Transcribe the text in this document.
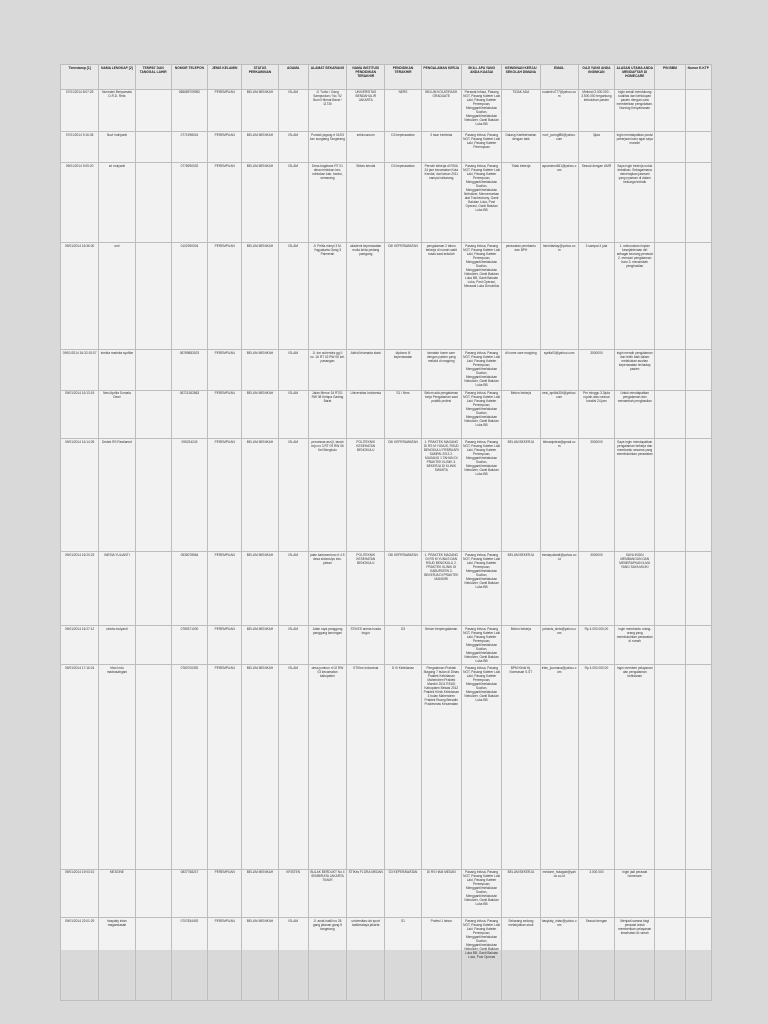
Timestamp [1]	NAMA LENGKAP [2]	TEMPAT DAN TANGGAL LAHIR	NOMOR TELEPON	JENIS KELAMIN	STATUS PERKAWINAN	AGAMA	ALAMAT SEKARANG	NAMA INSTITUSI PENDIDIKAN TERAKHIR	PENDIDIKAN TERAKHIR	PENGALAMAN KERJA	SKILL APA YANG ANDA KUASAI	KEINGINAN KERJA/ SEKOLAH DIMANA	EMAIL	GAJI YANG ANDA INGINKAN	ALASAN UTAMA ANDA MENDAFTAR DI HOMECARE	PIN BBM	Nomor E-KTP
07/01/2014 8:07:25	Nurmaini Benyamala D.R.D. Rela		085689709952	PEREMPUAN	BELUM MENIKAH	ISLAM	Jl. Turbo / Gang Sampurdan / No. 92 Bumi Hikmat Barat / 11730	UNIVERSITAS BENDAHULIR JAKARTA	NERS	BELUM KOLATIRASH GRADUATE	Perawat Infusa, Pasang NGT, Pasang Kateter Laki Laki, Pasang Kateter Perempuan, Mengganti/melakukan Suction, Mengganti/melakukan Nebulizer, Ganti Balutan Luka BB	TIDAK ADA	nuaimiru777@yahoo.com	Minimal 3.000.000 - 3.500.000 tergantung kebutuhan pasien	Ingin sekali mendukung kualitas dari kehidupan pasien dengan cara memberikan pengobatan. Nursing Kenyamanan		
07/01/2014 9:16:35	Novi Indriyanti		0771998024	PEREMPUAN	BELUM MENIKAH	ISLAM	Pondok jagang rt 01/03 kec sungtang Tangerang	sekincarcom	D3 keperawatan	3 taun berbelas	Pasang Infusa, Pasang NGT, Pasang Kateter Laki Laki, Pasang Kateter Perempuan	Dalang Kartiberbakan dengan baik	novi_yonsgf86@yahoo.com	3juta	Ingin mendapatkan posisi pekerjaan baru agar saya mandiri		
09/01/2014 9:05:20	sri mulyanti		0778990032	PEREMPUAN	BELUM MENIKAH	ISLAM	Desa bagelane RT 01 desa mintokan kec. mintokan kab. bantul, semarang	Stikes kendal	D3 keperawatan	Pernah bekerja di RSIA 24 jam kecamatan Kota Kendal, dari tahun 2011 sampai sekarang	Pasang Infusa, Pasang NGT, Pasang Kateter Laki Laki, Pasang Kateter Perempuan, Mengganti/melakukan Suction, Mengganti/melakukan Nebulizer, Mencemarkan alat Tracheotomy, Ganti Balutan Luka, Post Operasi, Ganti Balutan Luka BB	Tidak bekerja	ayuamenc861@yahoo.com	Sesuai dengan UMR	Saya ingin bekerja untuk kebaikan, Sebagaimana menerapkan jasmani yang nyaman di dalam keluarga terbaik		
09/01/2014 16:36:30	umi		0102390004	PEREMPUAN	BELUM MENIKAH	ISLAM	Jl. Pelita mimpi 3 M. Yogyakarta Gang 3 Palmerah	akademi keperawatan mulia krida pedang pamgang	DIII KEPERAWATAN	pengalaman 2 tahun bekerja di rumah sakit rusak saat sekolah	Pasang Infusa, Pasang NGT, Pasang Kateter Laki Laki, Pasang Kateter Perempuan, Mengganti/melakukan Suction, Mengganti/melakukan Nebulizer, Ganti Balutan Luka BB, Ganti Balutan Luka, Post Operasi, Merawat Luka Decubitus	perawatan pembantu dan BPH	hennitaelay@yahoo.com	3 sampai 4 juta	1. meluruskan impian kesejahteraan diri sebagai seorang perawat 2. mencari pengalaman baru 3. menambah penghasilan		
09/01/2014 16:32:15:07	shelda maristia syofilar		08789883023	PEREMPUAN	BELUM MENIKAH	ISLAM	Jl. ton suhendra gg II no. 16 RT 02 RW 06 kel. pasangan	Akbid bhamada slawi	diploma III keperawatan	tamatan home care dengan pasien yang melalui di mapping	Pasang Infusa, Pasang NGT, Pasang Kateter Laki Laki, Pasang Kateter Perempuan, Mengganti/melakukan Suction, Mengganti/melakukan Nebulizer, Ganti Balutan Luka BB	di home care mapping	syella03@yahoo.com	3000000	ingin meraih pengalaman dan lebih baik dalam melakukan asuhan keperawatan terhadap pasien		
09/01/2014 16:13:15	Nesi Aprilia Sumala Dewi		08721362863	PEREMPUAN	BELUM MENIKAH	ISLAM	Jalan Menur 34 RT01 RW 08 Kelapa Gading Barat	Universitas Indonesia	S1 / Ners	Belum ada pengalaman kerja Pengalaman saat praktik profesi	Pasang Infusa, Pasang NGT, Pasang Kateter Laki Laki, Pasang Kateter Perempuan, Mengganti/melakukan Suction, Mengganti/melakukan Nebulizer, Ganti Balutan Luka BB	Belum bekerja	nesi_aprilia304@yahoo.com	Per minggu 3-5juta rupiah atau sesuai kondisi 24 jam	Untuk mendapatkan pengalaman dan menambah penghasilan		
09/01/2014 16:14:25	Dedek RS Restianed		095234243	PEREMPUAN	BELUM MENIKAH	ISLAM	perumnas asri jl. tanah rejo no 3 RT 09 RW 06 Kel Bengkulu	POLITEKNIK KESEHATAN BENGKULU	DIII KEPERAWATAN	1. PRAKTEK MAGANG DI RS M YUNUS, RSUD BENGKULU PEBRUARI SAMPAI 2013 2. MAGANG 1 TAHUN DI PRAKTEK KLINIK 3. BEKERJA DI KLINIK SWASTA	Pasang Infusa, Pasang NGT, Pasang Kateter Laki Laki, Pasang Kateter Perempuan, Mengganti/melakukan Suction, Mengganti/melakukan Nebulizer, Ganti Balutan Luka BB	BELUM BEKERJA	bibrastpdeai@gmail.com	3000000	Saya ingin mendapatkan pengalaman bekerja dan membantu sesama yang membutuhkan perawatan		
09/01/2014 16:20:23	INESIA YULIANTI		0535078564	PEREMPUAN	BELUM MENIKAH	ISLAM	jalan kartosentono rt 4 5 desa sidomulyo kec. pekan	POLITEKNIK KESEHATAN BENGKULU	DIII KEPERAWATAN	1. PRAKTEK MAGANG DI RS M YUNUS DAN RSUD BENGKULU 2. PRAKTEK KLINIK DI KABUPATEN 3. BEKERJA DI PRAKTEK MANDIRI	Pasang Infusa, Pasang NGT, Pasang Kateter Laki Laki, Pasang Kateter Perempuan, Mengganti/melakukan Suction, Mengganti/melakukan Nebulizer, Ganti Balutan Luka BB	BELUM BEKERJA	inesiayulianti@yahoo.co.id	3000000	SAYA INGIN MEMBANGUN DAN MENERAPKAN ILMU YANG SAYA MILIKI		
09/01/2014 16:27:12	sinnta mulyanti		0789371000	PEREMPUAN	BELUM MENIKAH	ISLAM	Jalan raya panggung panggung lamongan	STIKES anima husda bogor	D3	Belum berpengalaman	Pasang Infusa, Pasang NGT, Pasang Kateter Laki Laki, Pasang Kateter Perempuan, Mengganti/melakukan Suction, Mengganti/melakukan Nebulizer, Ganti Balutan Luka BB	Belum bekerja	yohanis_sinta@yahoo.com	Rp 4.000.000,00	Ingin membantu orang-orang yang membutuhkan perawatan di rumah		
09/01/2014 17:16:24	Irfan Indo madrasahgani		0780700392	PEREMPUAN	BELUM MENIKAH	ISLAM	desa jumbun rt 02 RW 03 kecamatan kabupaten	STIKes Indonesia	D III Kebidanan	Pengalaman Praktek Magang 7 bulan di Dinas Praktek Kebidanan Mahendren Praktek Mandiri 2011 RSUD Kabupaten Bekasi 2012 Praktek Klinik Kebidanan 3 bulan Mahendren Praktek Ruang Bersalin Puskesmas Kecamatan	Pasang Infusa, Pasang NGT, Pasang Kateter Laki Laki, Pasang Kateter Perempuan, Mengganti/melakukan Suction, Mengganti/melakukan Nebulizer, Ganti Balutan Luka BB	BPM Klinik Hj. Normasari S.ST	irfan_joumana@yahoo.com	Rp 4.000.000,00	Ingin memberi pelayanan dan pengalaman kebidanan		
09/01/2014 19:03:10	MEDONE		0837768247	PEREMPUAN	BELUM MENIKAH	KRISTEN	BULAK BERDUKT No 4 SEMBIRATA JAKARTA TIMUR	STIKes FLORA MEDAN	D3 KEPERAWATAN	DI RS HAM MEDAN	Pasang Infusa, Pasang NGT, Pasang Kateter Laki Laki, Pasang Kateter Perempuan, Mengganti/melakukan Suction, Mengganti/melakukan Nebulizer, Ganti Balutan Luka BB	BELUM BEKERJA	medone_hutagari@yahoo.co.id	3.000.000	Ingin jadi perawat homecare		
09/01/2014 22:01:29	hasyiaty intan magandasab		0707834492	PEREMPUAN	BELUM MENIKAH	ISLAM	Jl. anak hakill no 28 gang jalanan gang 5 tangerang	universitas ubi sport tasikmalaya jakarta	S1	Profesi 1 tahun	Pasang Infusa, Pasang NGT, Pasang Kateter Laki Laki, Pasang Kateter Perempuan, Mengganti/melakukan Suction, Mengganti/melakukan Nebulizer, Ganti Balutan Luka BB, Ganti Balutan Luka, Post Operasi	Sekarang sedang melanjutkan studi	hasyiaty_intan@yahoo.com	Sesuai dengan	Menjadi sarana bagi perawat untuk memberikan pelayanan kesehatan di rumah		
